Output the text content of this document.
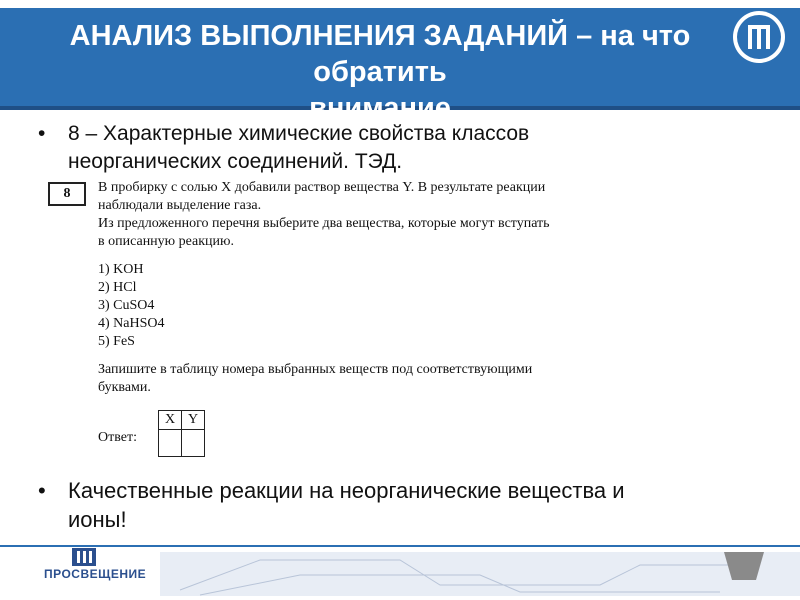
АНАЛИЗ ВЫПОЛНЕНИЯ ЗАДАНИЙ – на что обратить
внимание
• 8 – Характерные химические свойства классов
неорганических соединений. ТЭД.
8	В пробирку с солью X добавили раствор вещества Y. В результате реакции
наблюдали выделение газа.
Из предложенного перечня выберите два вещества, которые могут вступать
в описанную реакцию.
1) KOH
2) HCl
3) CuSO4
4) NaHSO4
5) FeS
Запишите в таблицу номера выбранных веществ под соответствующими
буквами.
Ответ:
X	Y

• Качественные реакции на неорганические вещества и
ионы!
ПРОСВЕЩЕНИЕ
